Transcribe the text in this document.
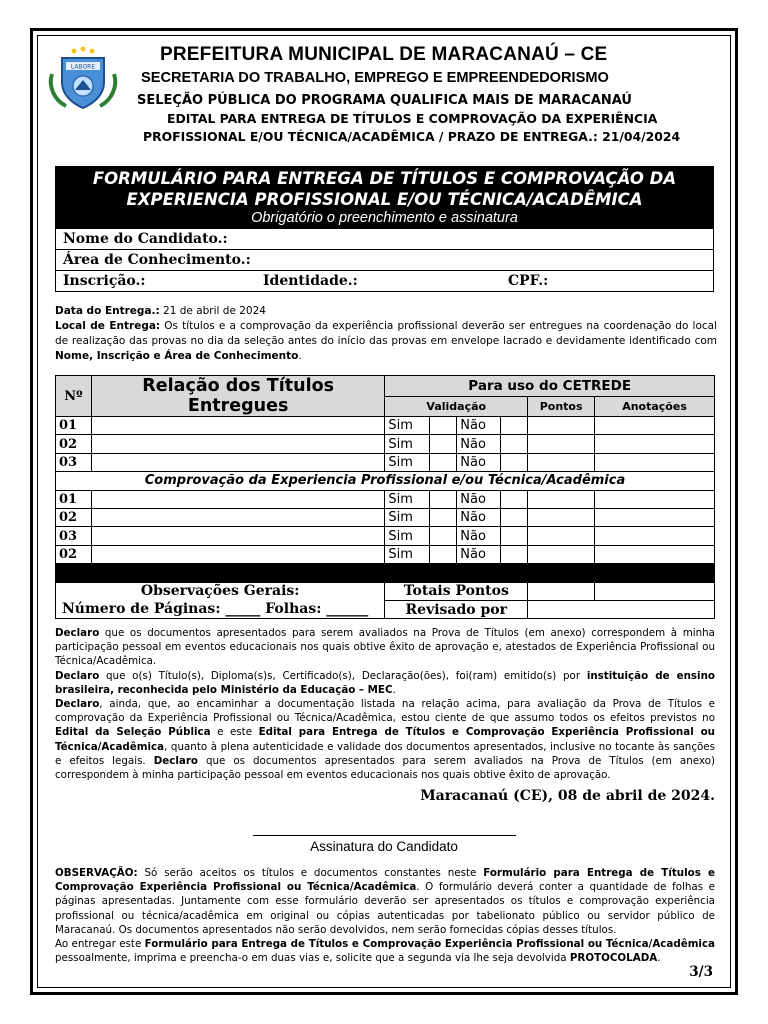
LABORE
PREFEITURA MUNICIPAL DE MARACANAÚ – CE
SECRETARIA DO TRABALHO, EMPREGO E EMPREENDEDORISMO
SELEÇÃO PÚBLICA DO PROGRAMA QUALIFICA MAIS DE MARACANAÚ
EDITAL PARA ENTREGA DE TÍTULOS E COMPROVAÇÃO DA EXPERIÊNCIA
PROFISSIONAL E/OU TÉCNICA/ACADÊMICA / PRAZO DE ENTREGA.: 21/04/2024
FORMULÁRIO PARA ENTREGA DE TÍTULOS E COMPROVAÇÃO DA
EXPERIENCIA PROFISSIONAL E/OU TÉCNICA/ACADÊMICA
Obrigatório o preenchimento e assinatura
Nome do Candidato.:
Área de Conhecimento.:
Inscrição.:	Identidade.:	CPF.:
Data do Entrega.: 21 de abril de 2024
Local de Entrega: Os títulos e a comprovação da experiência profissional deverão ser entregues na coordenação do local de realização das provas no dia da seleção antes do início das provas em envelope lacrado e devidamente identificado com Nome, Inscrição e Área de Conhecimento.
Nº	Relação dos Títulos Entregues	Para uso do CETREDE					
		Validação				Pontos	Anotações
01		Sim		Não			
02		Sim		Não			
03		Sim		Não			
Comprovação da Experiencia Profissional e/ou Técnica/Acadêmica							
01		Sim		Não			
02		Sim		Não			
03		Sim		Não			
02		Sim		Não			

Observações Gerais:		Totais Pontos					
Número de Páginas: _____ Folhas: ______		Revisado por					
Declaro que os documentos apresentados para serem avaliados na Prova de Títulos (em anexo) correspondem à minha participação pessoal em eventos educacionais nos quais obtive êxito de aprovação e, atestados de Experiência Profissional ou Técnica/Acadêmica.
Declaro que o(s) Título(s), Diploma(s)s, Certificado(s), Declaração(ões), foi(ram) emitido(s) por instituição de ensino brasileira, reconhecida pelo Ministério da Educação – MEC.
Declaro, ainda, que, ao encaminhar a documentação listada na relação acima, para avaliação da Prova de Títulos e comprovação da Experiência Profissional ou Técnica/Acadêmica, estou ciente de que assumo todos os efeitos previstos no Edital da Seleção Pública e este Edital para Entrega de Títulos e Comprovação Experiência Profissional ou Técnica/Acadêmica, quanto à plena autenticidade e validade dos documentos apresentados, inclusive no tocante às sanções e efeitos legais. Declaro que os documentos apresentados para serem avaliados na Prova de Títulos (em anexo) correspondem à minha participação pessoal em eventos educacionais nos quais obtive êxito de aprovação.
Maracanaú (CE), 08 de abril de 2024.
Assinatura do Candidato
OBSERVAÇÃO: Só serão aceitos os títulos e documentos constantes neste Formulário para Entrega de Títulos e Comprovação Experiência Profissional ou Técnica/Acadêmica. O formulário deverá conter a quantidade de folhas e páginas apresentadas. Juntamente com esse formulário deverão ser apresentados os títulos e comprovação experiência profissional ou técnica/acadêmica em original ou cópias autenticadas por tabelionato público ou servidor público de Maracanaú. Os documentos apresentados não serão devolvidos, nem serão fornecidas cópias desses títulos.
Ao entregar este Formulário para Entrega de Títulos e Comprovação Experiência Profissional ou Técnica/Acadêmica pessoalmente, imprima e preencha-o em duas vias e, solicite que a segunda via lhe seja devolvida PROTOCOLADA.
3/3
